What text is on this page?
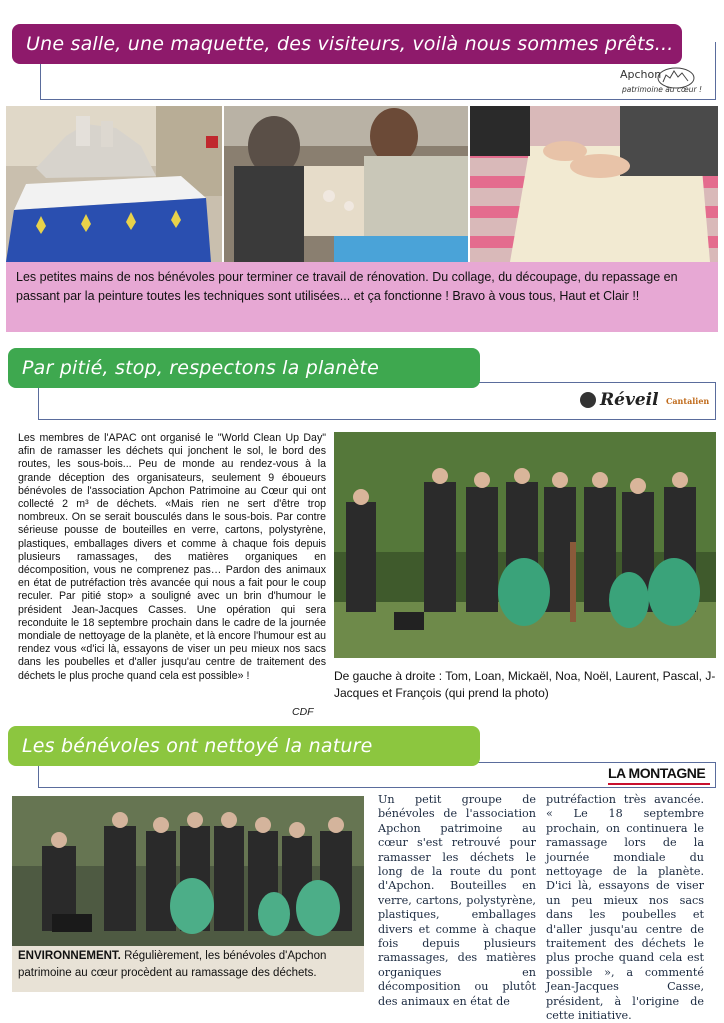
Une salle, une maquette, des visiteurs, voilà nous sommes prêts...
Apchon
patrimoine au cœur !
Les petites mains de nos bénévoles pour terminer ce travail de rénovation. Du collage, du découpage, du repassage en passant par la peinture toutes les techniques sont utilisées... et ça fonctionne ! Bravo à vous tous, Haut et Clair !!
Par pitié, stop, respectons la planète
Réveil Cantalien
Les membres de l'APAC ont organisé le "World Clean Up Day" afin de ramasser les déchets qui jonchent le sol, le bord des routes, les sous-bois... Peu de monde au rendez-vous à la grande déception des organisateurs, seulement 9 éboueurs bénévoles de l'association Apchon Patrimoine au Cœur qui ont collecté 2 m³ de déchets. «Mais rien ne sert d'être trop nombreux. On se serait bousculés dans le sous-bois. Par contre sérieuse pousse de bouteilles en verre, cartons, polystyrène, plastiques, emballages divers et comme à chaque fois depuis plusieurs ramassages, des matières organiques en décomposition, vous ne comprenez pas… Pardon des animaux en état de putréfaction très avancée qui nous a fait pour le coup reculer. Par pitié stop» a souligné avec un brin d'humour le président Jean-Jacques Casses. Une opération qui sera reconduite le 18 septembre prochain dans le cadre de la journée mondiale de nettoyage de la planète, et là encore l'humour est au rendez vous «d'ici là, essayons de viser un peu mieux nos sacs dans les poubelles et d'aller jusqu'au centre de traitement des déchets le plus proche quand cela est possible» !
CDF
De gauche à droite : Tom, Loan, Mickaël, Noa, Noël, Laurent, Pascal, J-Jacques et François (qui prend la photo)
Les bénévoles ont nettoyé la nature
LA MONTAGNE
ENVIRONNEMENT. Régulièrement, les bénévoles d'Apchon patrimoine au cœur procèdent au ramassage des déchets.
Un petit groupe de bénévoles de l'association Apchon patrimoine au cœur s'est retrouvé pour ramasser les déchets le long de la route du pont d'Apchon. Bouteilles en verre, cartons, polystyrène, plastiques, emballages divers et comme à chaque fois depuis plusieurs ramassages, des matières organiques en décomposition ou plutôt des animaux en état de
putréfaction très avancée. « Le 18 septembre prochain, on continuera le ramassage lors de la journée mondiale du nettoyage de la planète. D'ici là, essayons de viser un peu mieux nos sacs dans les poubelles et d'aller jusqu'au centre de traitement des déchets le plus proche quand cela est possible », a commenté Jean-Jacques Casse, président, à l'origine de cette initiative.
